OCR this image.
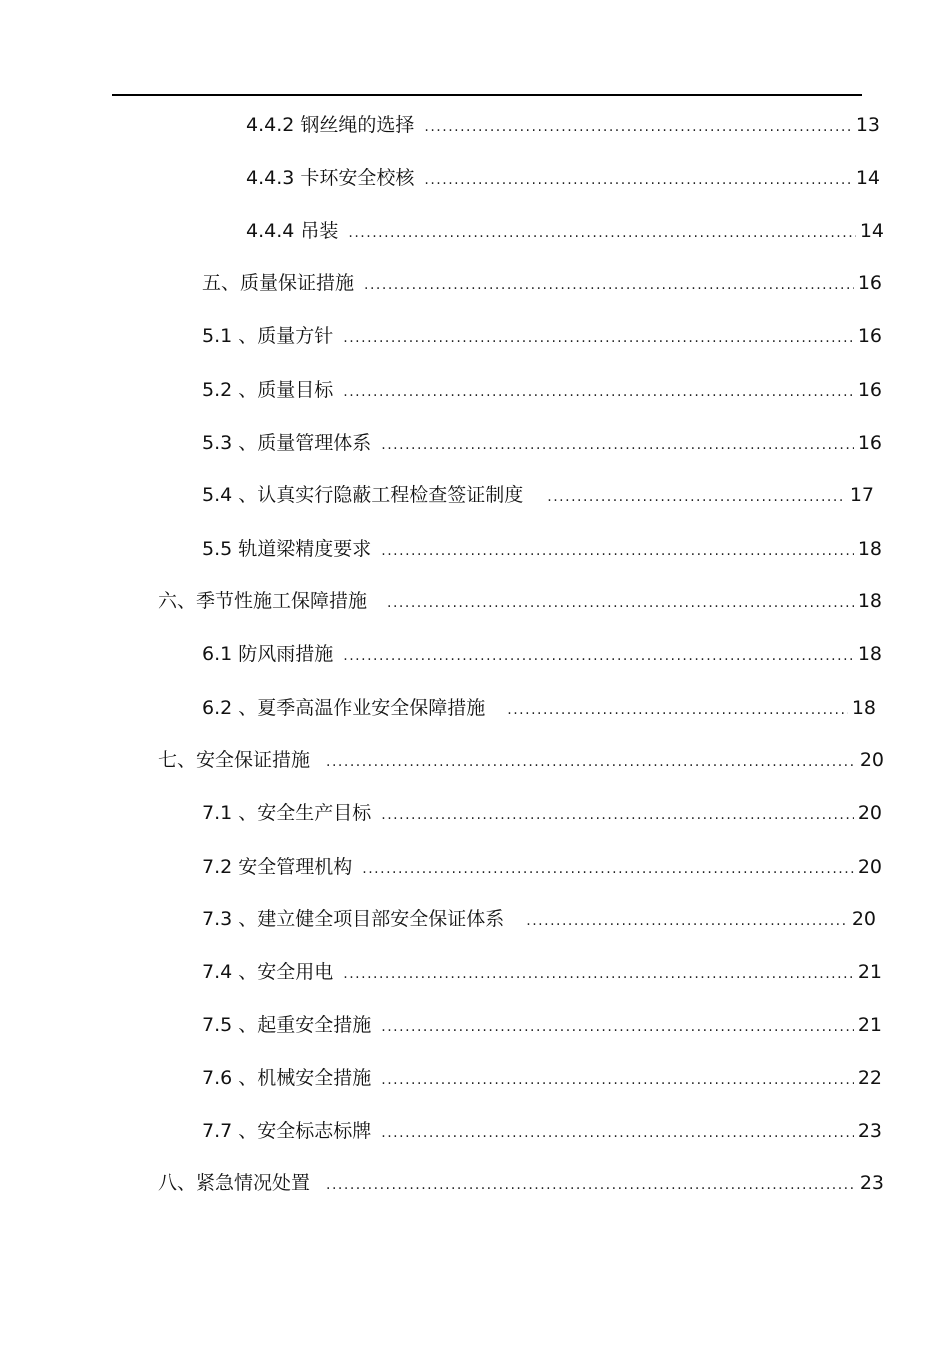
4.4.2 钢丝绳的选择 .....	13
4.4.3 卡环安全校核 .....	14
4.4.4 吊装 .....	14
五、质量保证措施 .....	16
5.1 、质量方针 .....	16
5.2 、质量目标 .....	16
5.3 、质量管理体系 .....	16
5.4 、认真实行隐蔽工程检查签证制度 .....	17
5.5 轨道梁精度要求 .....	18
六、季节性施工保障措施 .....	18
6.1 防风雨措施 .....	18
6.2 、夏季高温作业安全保障措施 .....	18
七、安全保证措施 .....	20
7.1 、安全生产目标 .....	20
7.2 安全管理机构 .....	20
7.3 、建立健全项目部安全保证体系 .....	20
7.4 、安全用电 .....	21
7.5 、起重安全措施 .....	21
7.6 、机械安全措施 .....	22
7.7 、安全标志标牌 .....	23
八、紧急情况处置 .....	23
